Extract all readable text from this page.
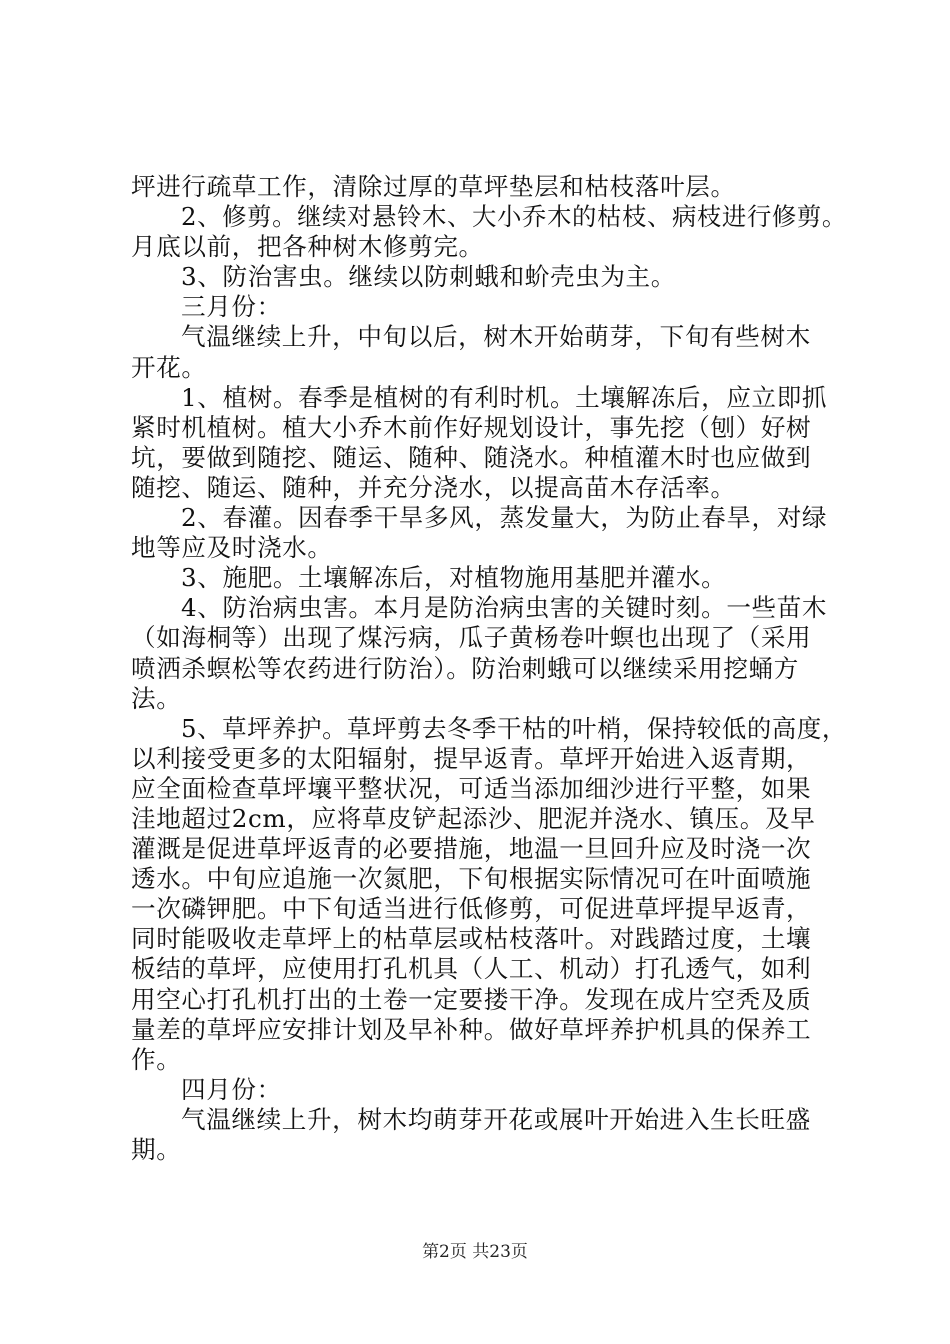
坪进行疏草工作，清除过厚的草坪垫层和枯枝落叶层。
2、修剪。继续对悬铃木、大小乔木的枯枝、病枝进行修剪。
月底以前，把各种树木修剪完。
3、防治害虫。继续以防刺蛾和蚧壳虫为主。
三月份：
气温继续上升，中旬以后，树木开始萌芽，下旬有些树木
开花。
1、植树。春季是植树的有利时机。土壤解冻后，应立即抓
紧时机植树。植大小乔木前作好规划设计，事先挖（刨）好树
坑，要做到随挖、随运、随种、随浇水。种植灌木时也应做到
随挖、随运、随种，并充分浇水，以提高苗木存活率。
2、春灌。因春季干旱多风，蒸发量大，为防止春旱，对绿
地等应及时浇水。
3、施肥。土壤解冻后，对植物施用基肥并灌水。
4、防治病虫害。本月是防治病虫害的关键时刻。一些苗木
（如海桐等）出现了煤污病，瓜子黄杨卷叶螟也出现了（采用
喷洒杀螟松等农药进行防治）。防治刺蛾可以继续采用挖蛹方
法。
5、草坪养护。草坪剪去冬季干枯的叶梢，保持较低的高度，
以利接受更多的太阳辐射，提早返青。草坪开始进入返青期，
应全面检查草坪壤平整状况，可适当添加细沙进行平整，如果
洼地超过2cm，应将草皮铲起添沙、肥泥并浇水、镇压。及早
灌溉是促进草坪返青的必要措施，地温一旦回升应及时浇一次
透水。中旬应追施一次氮肥，下旬根据实际情况可在叶面喷施
一次磷钾肥。中下旬适当进行低修剪，可促进草坪提早返青，
同时能吸收走草坪上的枯草层或枯枝落叶。对践踏过度，土壤
板结的草坪，应使用打孔机具（人工、机动）打孔透气，如利
用空心打孔机打出的土卷一定要搂干净。发现在成片空秃及质
量差的草坪应安排计划及早补种。做好草坪养护机具的保养工
作。
四月份：
气温继续上升，树木均萌芽开花或展叶开始进入生长旺盛
期。
第2页 共23页
